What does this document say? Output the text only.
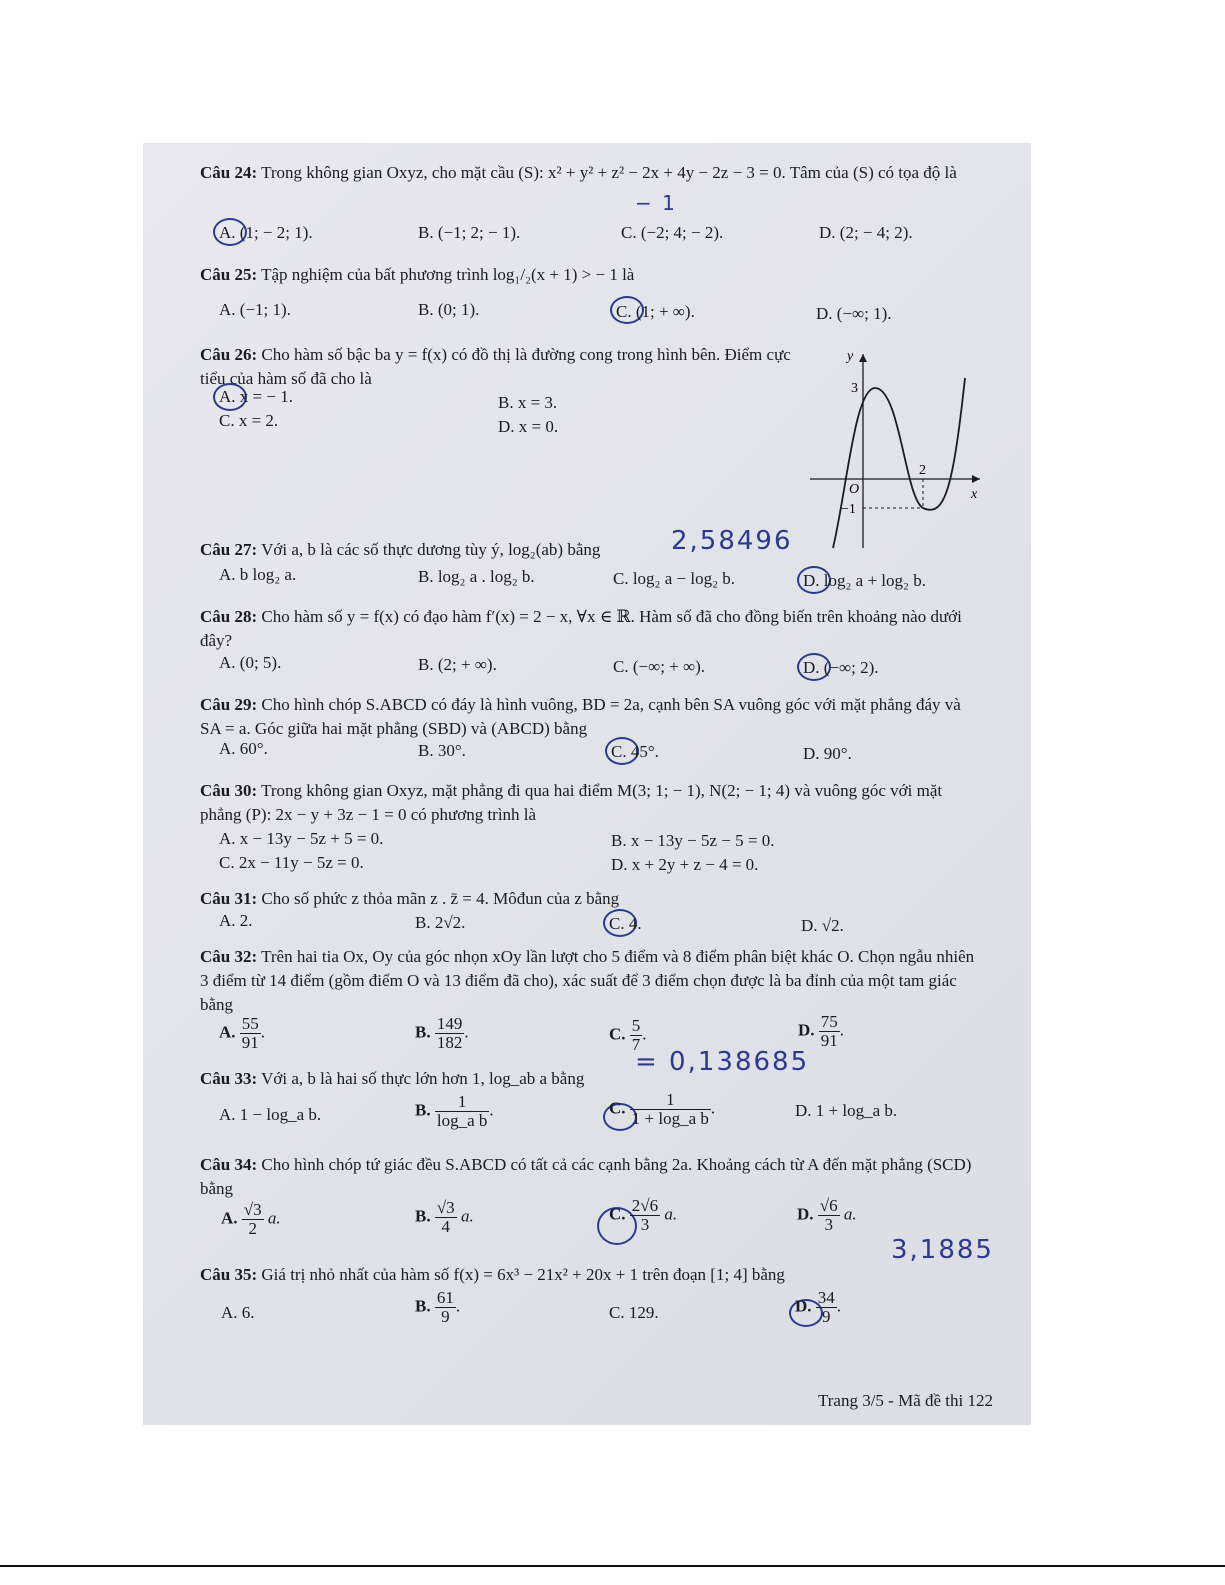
Câu 24: Trong không gian Oxyz, cho mặt cầu (S): x² + y² + z² − 2x + 4y − 2z − 3 = 0. Tâm của (S) có tọa độ là
A. (1; − 2; 1).	B. (−1; 2; − 1).	C. (−2; 4; − 2).	D. (2; − 4; 2).
− 1
Câu 25: Tập nghiệm của bất phương trình log₁/₂(x + 1) > − 1 là
A. (−1; 1).	B. (0; 1).	C. (1; + ∞).	D. (−∞; 1).
Câu 26: Cho hàm số bậc ba y = f(x) có đồ thị là đường cong trong hình bên. Điểm cực tiểu của hàm số đã cho là
A. x = − 1.	B. x = 3.
C. x = 2.	D. x = 0.
y
x
O
3
−1
2
Câu 27: Với a, b là các số thực dương tùy ý, log₂(ab) bằng	2,58496
A. b log₂ a.	B. log₂ a . log₂ b.	C. log₂ a − log₂ b.	D. log₂ a + log₂ b.
Câu 28: Cho hàm số y = f(x) có đạo hàm f′(x) = 2 − x, ∀x ∈ ℝ. Hàm số đã cho đồng biến trên khoảng nào dưới đây?
A. (0; 5).	B. (2; + ∞).	C. (−∞; + ∞).	D. (−∞; 2).
Câu 29: Cho hình chóp S.ABCD có đáy là hình vuông, BD = 2a, cạnh bên SA vuông góc với mặt phẳng đáy và SA = a. Góc giữa hai mặt phẳng (SBD) và (ABCD) bằng
A. 60°.	B. 30°.	C. 45°.	D. 90°.
Câu 30: Trong không gian Oxyz, mặt phẳng đi qua hai điểm M(3; 1; − 1), N(2; − 1; 4) và vuông góc với mặt phẳng (P): 2x − y + 3z − 1 = 0 có phương trình là
A. x − 13y − 5z + 5 = 0.	B. x − 13y − 5z − 5 = 0.
C. 2x − 11y − 5z = 0.	D. x + 2y + z − 4 = 0.
Câu 31: Cho số phức z thỏa mãn z . z̄ = 4. Môđun của z bằng
A. 2.	B. 2√2.	C. 4.	D. √2.
Câu 32: Trên hai tia Ox, Oy của góc nhọn xOy lần lượt cho 5 điểm và 8 điểm phân biệt khác O. Chọn ngẫu nhiên 3 điểm từ 14 điểm (gồm điểm O và 13 điểm đã cho), xác suất để 3 điểm chọn được là ba đỉnh của một tam giác bằng
A. $\frac{55}{91}$ .	B. $\frac{149}{182}$ .	C. $\frac{5}{7}$ .	D. $\frac{75}{91}$ .
= 0,138685
Câu 33: Với a, b là hai số thực lớn hơn 1, log_ab a bằng
A. 1 − log_a b.	B. $\frac{1}{\text{log\_a b}}$ .	C. $\frac{1}{\text{1 + log\_a b}}$ .	D. 1 + log_a b.
Câu 34: Cho hình chóp tứ giác đều S.ABCD có tất cả các cạnh bằng 2a. Khoảng cách từ A đến mặt phẳng (SCD) bằng
A. $\frac{√3}{2} a$.	B. $\frac{√3}{4} a$.	C. $\frac{2√6}{3} a$.	D. $\frac{√6}{3} a$.
3,1885
Câu 35: Giá trị nhỏ nhất của hàm số f(x) = 6x³ − 21x² + 20x + 1 trên đoạn [1; 4] bằng
A. 6.	B. $\frac{61}{9}$ .	C. 129.	D. $\frac{34}{9}$ .
Trang 3/5 - Mã đề thi 122
